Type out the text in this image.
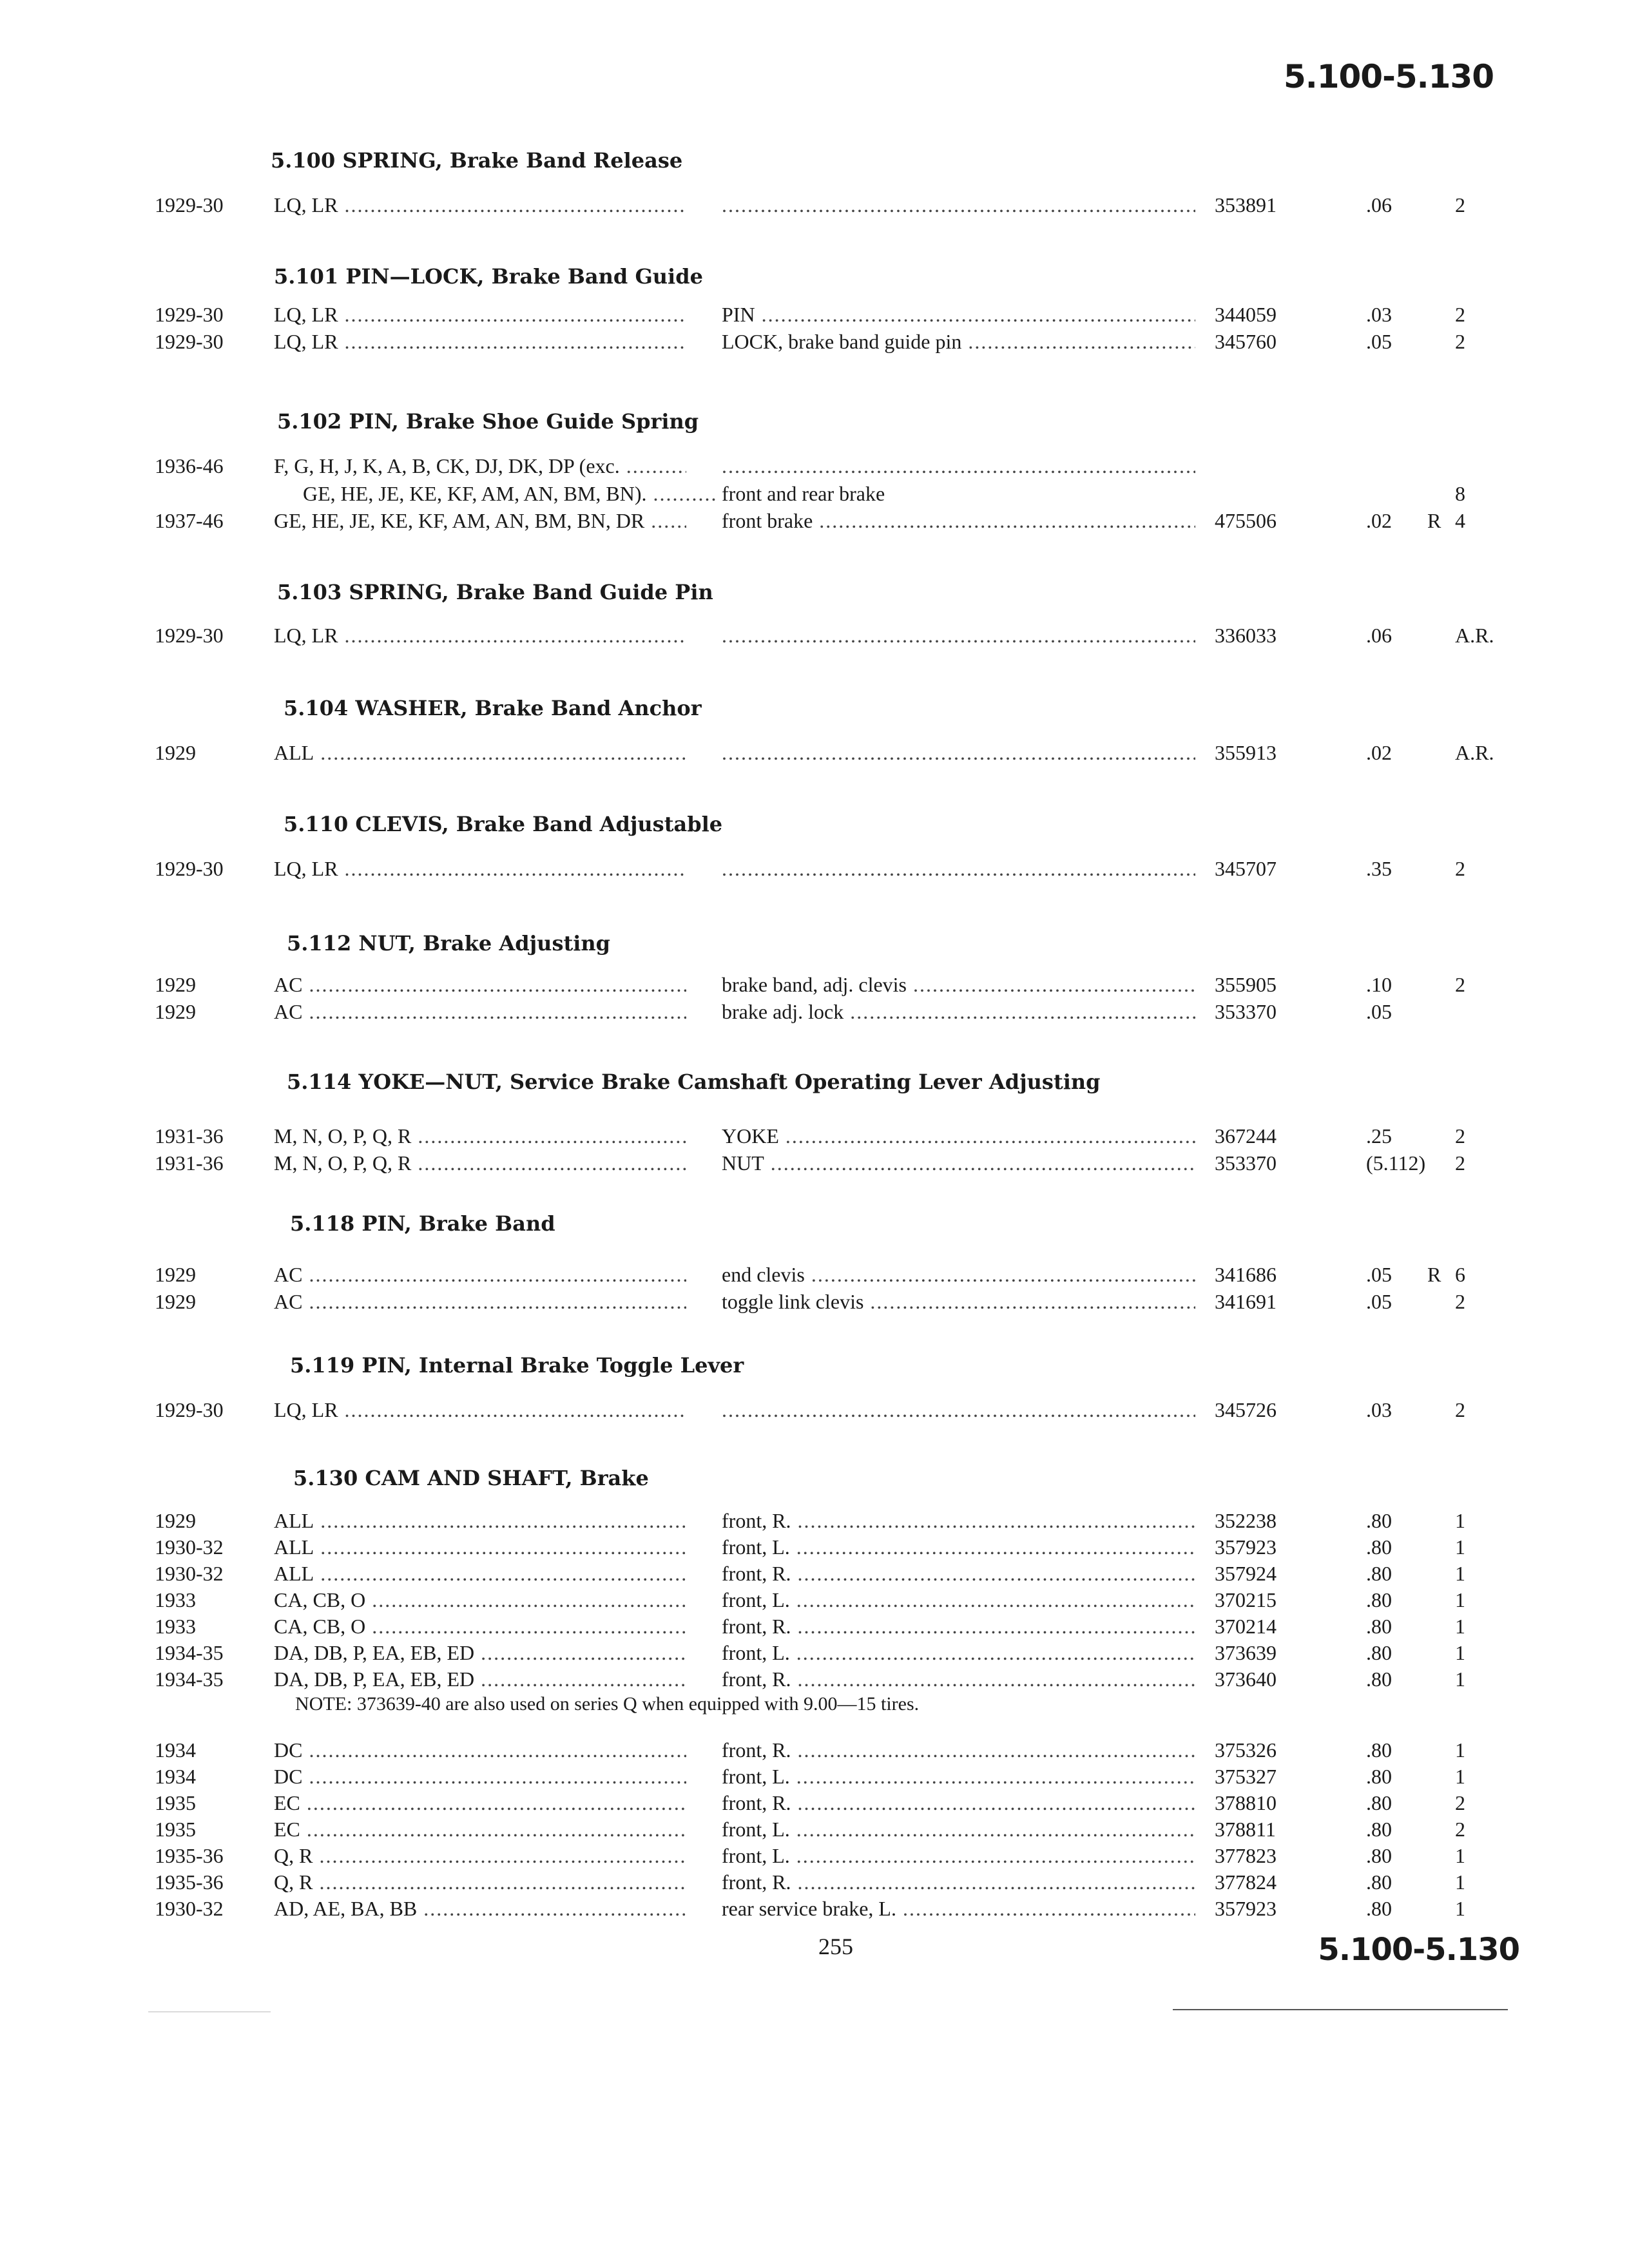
5.100-5.130
5.100 SPRING, Brake Band Release
1929-30 LQ, LR ..... .....	353891	.06	2
5.101 PIN—LOCK, Brake Band Guide
1929-30 LQ, LR .....	PIN .....	344059	.03	2
1929-30 LQ, LR .....	LOCK, brake band guide pin .....	345760	.05	2
5.102 PIN, Brake Shoe Guide Spring
1936-46 F, G, H, J, K, A, B, CK, DJ, DK, DP (exc. .....
.....
GE, HE, JE, KE, KF, AM, AN, BM, BN). .....	front and rear brake	8
1937-46 GE, HE, JE, KE, KF, AM, AN, BM, BN, DR .....	front brake .....	475506	.02 R 4
5.103 SPRING, Brake Band Guide Pin
1929-30 LQ, LR ..... .....	336033	.06	A.R.
5.104 WASHER, Brake Band Anchor
1929	ALL ..... .....	355913	.02	A.R.
5.110 CLEVIS, Brake Band Adjustable
1929-30 LQ, LR ..... .....	345707	.35	2
5.112 NUT, Brake Adjusting
1929	AC .....	brake band, adj. clevis .....	355905	.10	2
1929	AC .....	brake adj. lock .....	353370	.05
5.114 YOKE—NUT, Service Brake Camshaft Operating Lever Adjusting
1931-36 M, N, O, P, Q, R .....	YOKE .....	367244	.25	2
1931-36 M, N, O, P, Q, R .....	NUT .....	353370	(5.112) 2
5.118 PIN, Brake Band
1929	AC .....	end clevis .....	341686	.05 R 6
1929	AC .....	toggle link clevis .....	341691	.05	2
5.119 PIN, Internal Brake Toggle Lever
1929-30 LQ, LR ..... .....	345726	.03	2
5.130 CAM AND SHAFT, Brake
1929	ALL .....	front, R. .....	352238	.80	1
1930-32 ALL .....	front, L. .....	357923	.80	1
1930-32 ALL .....	front, R. .....	357924	.80	1
1933	CA, CB, O .....	front, L. .....	370215	.80	1
1933	CA, CB, O .....	front, R. .....	370214	.80	1
1934-35 DA, DB, P, EA, EB, ED .....	front, L. .....	373639	.80	1
1934-35 DA, DB, P, EA, EB, ED .....	front, R. .....	373640	.80	1
NOTE: 373639-40 are also used on series Q when equipped with 9.00—15 tires.
1934	DC .....	front, R. .....	375326	.80	1
1934	DC .....	front, L. .....	375327	.80	1
1935	EC .....	front, R. .....	378810	.80	2
1935	EC .....	front, L. .....	378811	.80	2
1935-36 Q, R .....	front, L. .....	377823	.80	1
1935-36 Q, R .....	front, R. .....	377824	.80	1
1930-32 AD, AE, BA, BB .....	rear service brake, L. .....	357923	.80	1
255	5.100-5.130
